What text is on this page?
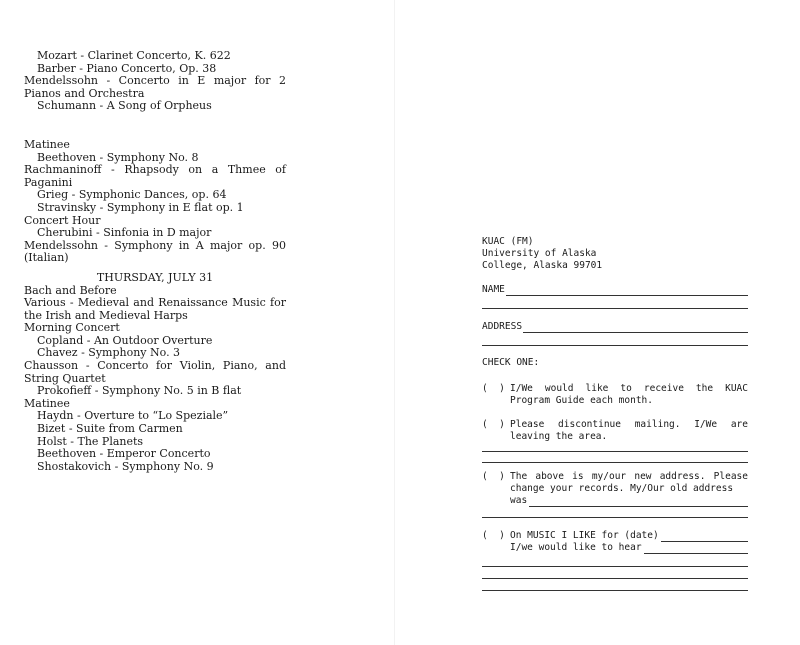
Mozart - Clarinet Concerto, K. 622
Barber - Piano Concerto, Op. 38
Mendelssohn - Concerto in E major for 2 Pianos and Orchestra
Schumann - A Song of Orpheus
Matinee
Beethoven - Symphony No. 8
Rachmaninoff - Rhapsody on a Thmee of Paganini
Grieg - Symphonic Dances, op. 64
Stravinsky - Symphony in E flat op. 1
Concert Hour
Cherubini - Sinfonia in D major
Mendelssohn - Symphony in A major op. 90 (Italian)
THURSDAY, JULY 31
Bach and Before
Various - Medieval and Renaissance Music for the Irish and Medieval Harps
Morning Concert
Copland - An Outdoor Overture
Chavez - Symphony No. 3
Chausson - Concerto for Violin, Piano, and String Quartet
Prokofieff - Symphony No. 5 in B flat
Matinee
Haydn - Overture to “Lo Speziale”
Bizet - Suite from Carmen
Holst - The Planets
Beethoven - Emperor Concerto
Shostakovich - Symphony No. 9
KUAC (FM)
University of Alaska
College, Alaska 99701
NAME
ADDRESS
CHECK ONE:
(  ) I/We would like to receive the KUAC Program Guide each month.
(  ) Please discontinue mailing. I/We are leaving the area.
(  ) The above is my/our new address. Please change your records. My/Our old address
was
(  ) On MUSIC I LIKE for (date)
I/we would like to hear
